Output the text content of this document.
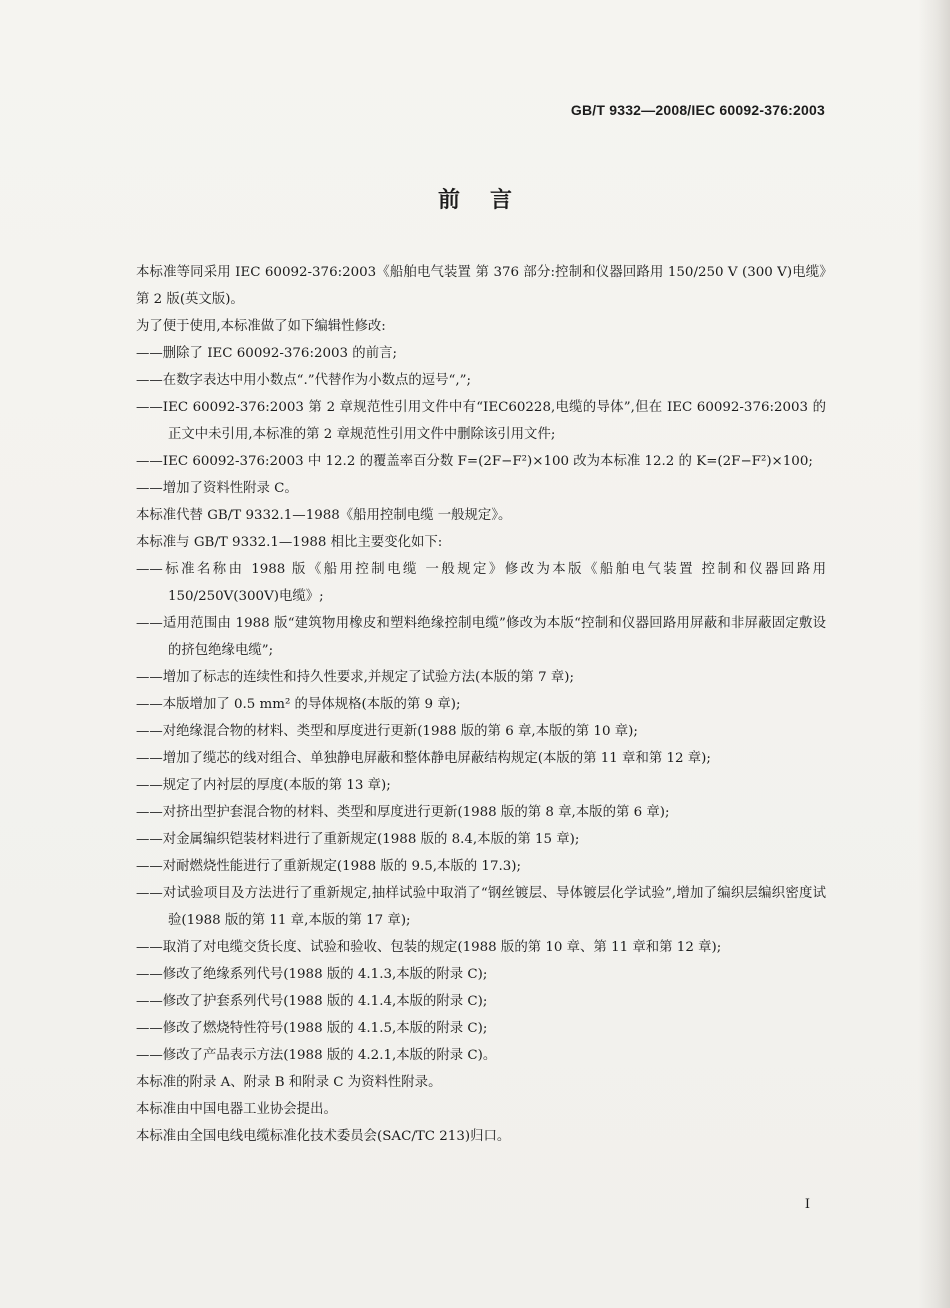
GB/T 9332—2008/IEC 60092-376:2003
前言

本标准等同采用 IEC 60092-376:2003《船舶电气装置 第 376 部分:控制和仪器回路用 150/250 V (300 V)电缆》第 2 版(英文版)。

为了便于使用,本标准做了如下编辑性修改:

——删除了 IEC 60092-376:2003 的前言;

——在数字表达中用小数点“.”代替作为小数点的逗号“,”;

——IEC 60092-376:2003 第 2 章规范性引用文件中有“IEC60228,电缆的导体”,但在 IEC 60092-376:2003 的正文中未引用,本标准的第 2 章规范性引用文件中删除该引用文件;

——IEC 60092-376:2003 中 12.2 的覆盖率百分数 F=(2F−F²)×100 改为本标准 12.2 的 K=(2F−F²)×100;

——增加了资料性附录 C。

本标准代替 GB/T 9332.1—1988《船用控制电缆 一般规定》。

本标准与 GB/T 9332.1—1988 相比主要变化如下:

——标准名称由 1988 版《船用控制电缆 一般规定》修改为本版《船舶电气装置 控制和仪器回路用 150/250V(300V)电缆》;

——适用范围由 1988 版“建筑物用橡皮和塑料绝缘控制电缆”修改为本版“控制和仪器回路用屏蔽和非屏蔽固定敷设的挤包绝缘电缆”;

——增加了标志的连续性和持久性要求,并规定了试验方法(本版的第 7 章);

——本版增加了 0.5 mm² 的导体规格(本版的第 9 章);

——对绝缘混合物的材料、类型和厚度进行更新(1988 版的第 6 章,本版的第 10 章);

——增加了缆芯的线对组合、单独静电屏蔽和整体静电屏蔽结构规定(本版的第 11 章和第 12 章);

——规定了内衬层的厚度(本版的第 13 章);

——对挤出型护套混合物的材料、类型和厚度进行更新(1988 版的第 8 章,本版的第 6 章);

——对金属编织铠装材料进行了重新规定(1988 版的 8.4,本版的第 15 章);

——对耐燃烧性能进行了重新规定(1988 版的 9.5,本版的 17.3);

——对试验项目及方法进行了重新规定,抽样试验中取消了“钢丝镀层、导体镀层化学试验”,增加了编织层编织密度试验(1988 版的第 11 章,本版的第 17 章);

——取消了对电缆交货长度、试验和验收、包装的规定(1988 版的第 10 章、第 11 章和第 12 章);

——修改了绝缘系列代号(1988 版的 4.1.3,本版的附录 C);

——修改了护套系列代号(1988 版的 4.1.4,本版的附录 C);

——修改了燃烧特性符号(1988 版的 4.1.5,本版的附录 C);

——修改了产品表示方法(1988 版的 4.2.1,本版的附录 C)。

本标准的附录 A、附录 B 和附录 C 为资料性附录。

本标准由中国电器工业协会提出。

本标准由全国电线电缆标准化技术委员会(SAC/TC 213)归口。

I
